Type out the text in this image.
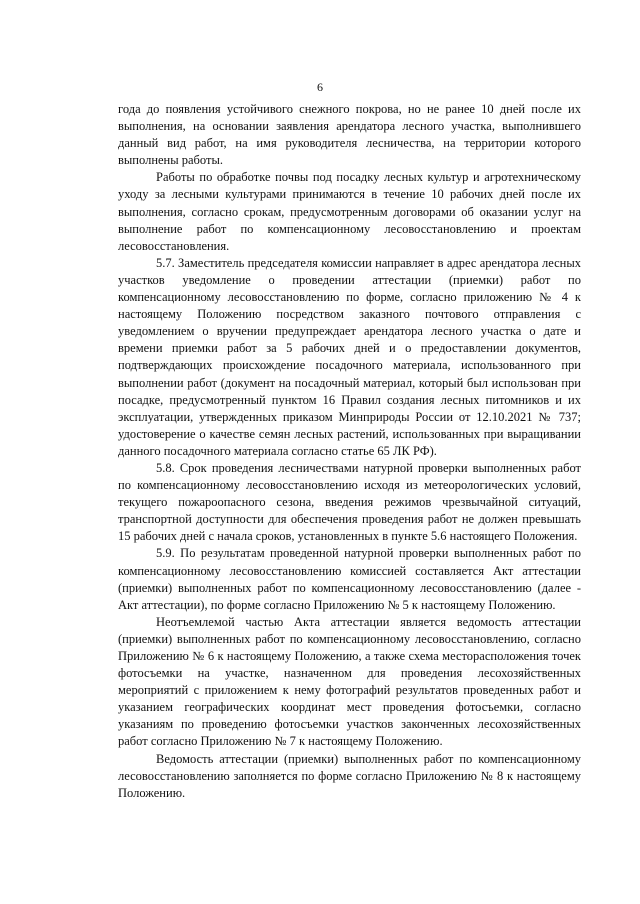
6

года до появления устойчивого снежного покрова, но не ранее 10 дней после их выполнения, на основании заявления арендатора лесного участка, выполнившего данный вид работ, на имя руководителя лесничества, на территории которого выполнены работы.

Работы по обработке почвы под посадку лесных культур и агротехническому уходу за лесными культурами принимаются в течение 10 рабочих дней после их выполнения, согласно срокам, предусмотренным договорами об оказании услуг на выполнение работ по компенсационному лесовосстановлению и проектам лесовосстановления.

5.7. Заместитель председателя комиссии направляет в адрес арендатора лесных участков уведомление о проведении аттестации (приемки) работ по компенсационному лесовосстановлению по форме, согласно приложению № 4 к настоящему Положению посредством заказного почтового отправления с уведомлением о вручении предупреждает арендатора лесного участка о дате и времени приемки работ за 5 рабочих дней и о предоставлении документов, подтверждающих происхождение посадочного материала, использованного при выполнении работ (документ на посадочный материал, который был использован при посадке, предусмотренный пунктом 16 Правил создания лесных питомников и их эксплуатации, утвержденных приказом Минприроды России от 12.10.2021 № 737; удостоверение о качестве семян лесных растений, использованных при выращивании данного посадочного материала согласно статье 65 ЛК РФ).

5.8. Срок проведения лесничествами натурной проверки выполненных работ по компенсационному лесовосстановлению исходя из метеорологических условий, текущего пожароопасного сезона, введения режимов чрезвычайной ситуаций, транспортной доступности для обеспечения проведения работ не должен превышать 15 рабочих дней с начала сроков, установленных в пункте 5.6 настоящего Положения.

5.9. По результатам проведенной натурной проверки выполненных работ по компенсационному лесовосстановлению комиссией составляется Акт аттестации (приемки) выполненных работ по компенсационному лесовосстановлению (далее - Акт аттестации), по форме согласно Приложению № 5 к настоящему Положению.

Неотъемлемой частью Акта аттестации является ведомость аттестации (приемки) выполненных работ по компенсационному лесовосстановлению, согласно Приложению № 6 к настоящему Положению, а также схема месторасположения точек фотосъемки на участке, назначенном для проведения лесохозяйственных мероприятий с приложением к нему фотографий результатов проведенных работ и указанием географических координат мест проведения фотосъемки, согласно указаниям по проведению фотосъемки участков законченных лесохозяйственных работ согласно Приложению № 7 к настоящему Положению.

Ведомость аттестации (приемки) выполненных работ по компенсационному лесовосстановлению заполняется по форме согласно Приложению № 8 к настоящему Положению.
